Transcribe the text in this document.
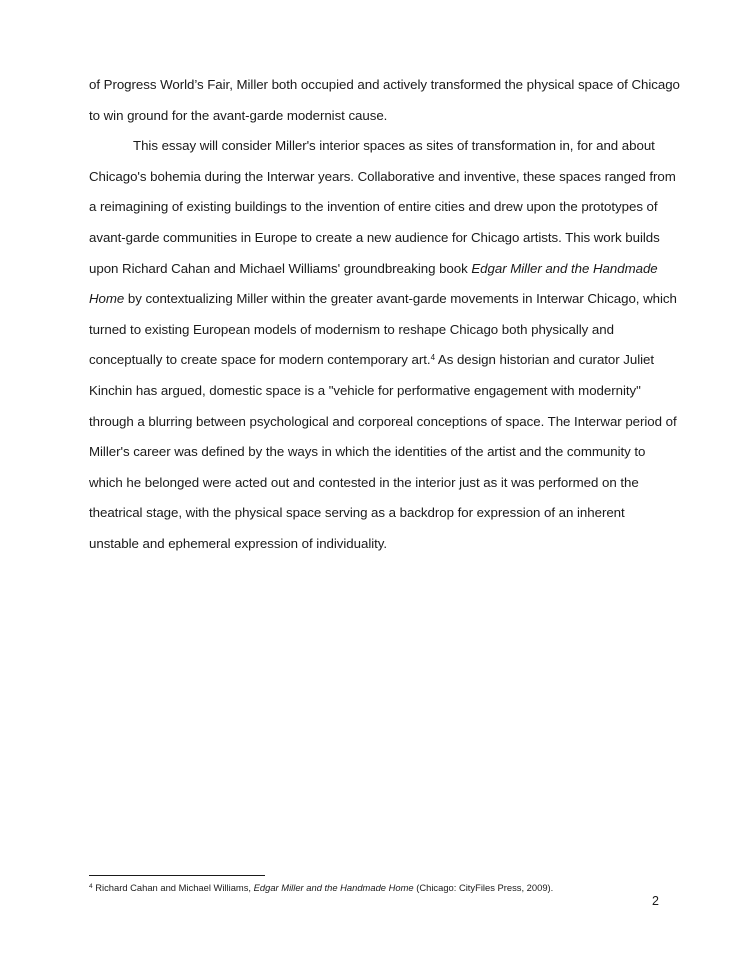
of Progress World’s Fair, Miller both occupied and actively transformed the physical space of Chicago
to win ground for the avant-garde modernist cause.
This essay will consider Miller's interior spaces as sites of transformation in, for and about
Chicago's bohemia during the Interwar years. Collaborative and inventive, these spaces ranged from
a reimagining of existing buildings to the invention of entire cities and drew upon the prototypes of
avant-garde communities in Europe to create a new audience for Chicago artists. This work builds
upon Richard Cahan and Michael Williams' groundbreaking book Edgar Miller and the Handmade
Home by contextualizing Miller within the greater avant-garde movements in Interwar Chicago, which
turned to existing European models of modernism to reshape Chicago both physically and
conceptually to create space for modern contemporary art.$^4$ As design historian and curator Juliet
Kinchin has argued, domestic space is a "vehicle for performative engagement with modernity"
through a blurring between psychological and corporeal conceptions of space. The Interwar period of
Miller's career was defined by the ways in which the identities of the artist and the community to
which he belonged were acted out and contested in the interior just as it was performed on the
theatrical stage, with the physical space serving as a backdrop for expression of an inherent
unstable and ephemeral expression of individuality.
$^4$ Richard Cahan and Michael Williams, Edgar Miller and the Handmade Home (Chicago: CityFiles Press, 2009).
2
